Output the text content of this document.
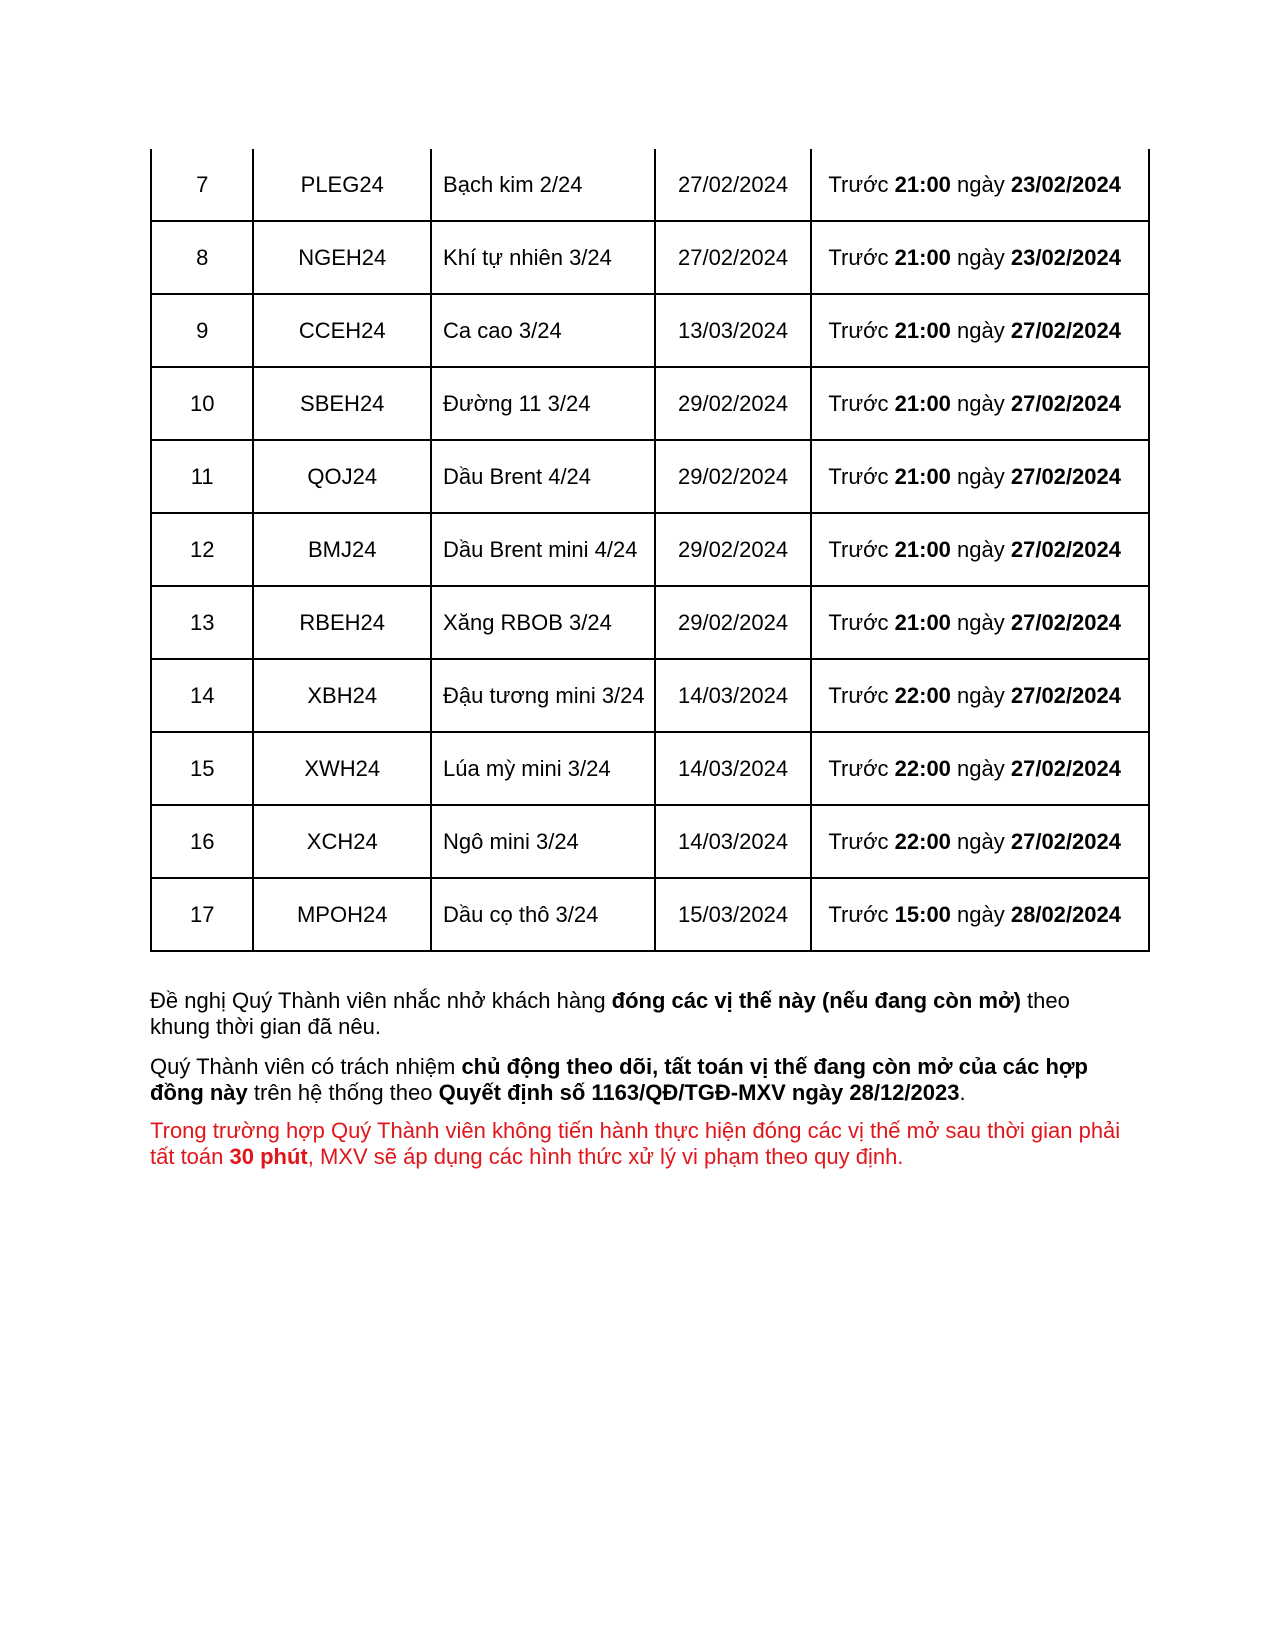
7	PLEG24	Bạch kim 2/24	27/02/2024	Trước 21:00 ngày 23/02/2024
8	NGEH24	Khí tự nhiên 3/24	27/02/2024	Trước 21:00 ngày 23/02/2024
9	CCEH24	Ca cao 3/24	13/03/2024	Trước 21:00 ngày 27/02/2024
10	SBEH24	Đường 11 3/24	29/02/2024	Trước 21:00 ngày 27/02/2024
11	QOJ24	Dầu Brent 4/24	29/02/2024	Trước 21:00 ngày 27/02/2024
12	BMJ24	Dầu Brent mini 4/24	29/02/2024	Trước 21:00 ngày 27/02/2024
13	RBEH24	Xăng RBOB 3/24	29/02/2024	Trước 21:00 ngày 27/02/2024
14	XBH24	Đậu tương mini 3/24	14/03/2024	Trước 22:00 ngày 27/02/2024
15	XWH24	Lúa mỳ mini 3/24	14/03/2024	Trước 22:00 ngày 27/02/2024
16	XCH24	Ngô mini 3/24	14/03/2024	Trước 22:00 ngày 27/02/2024
17	MPOH24	Dầu cọ thô 3/24	15/03/2024	Trước 15:00 ngày 28/02/2024

Đề nghị Quý Thành viên nhắc nhở khách hàng đóng các vị thế này (nếu đang còn mở) theo khung thời gian đã nêu.

Quý Thành viên có trách nhiệm chủ động theo dõi, tất toán vị thế đang còn mở của các hợp đồng này trên hệ thống theo Quyết định số 1163/QĐ/TGĐ-MXV ngày 28/12/2023.

Trong trường hợp Quý Thành viên không tiến hành thực hiện đóng các vị thế mở sau thời gian phải tất toán 30 phút, MXV sẽ áp dụng các hình thức xử lý vi phạm theo quy định.
